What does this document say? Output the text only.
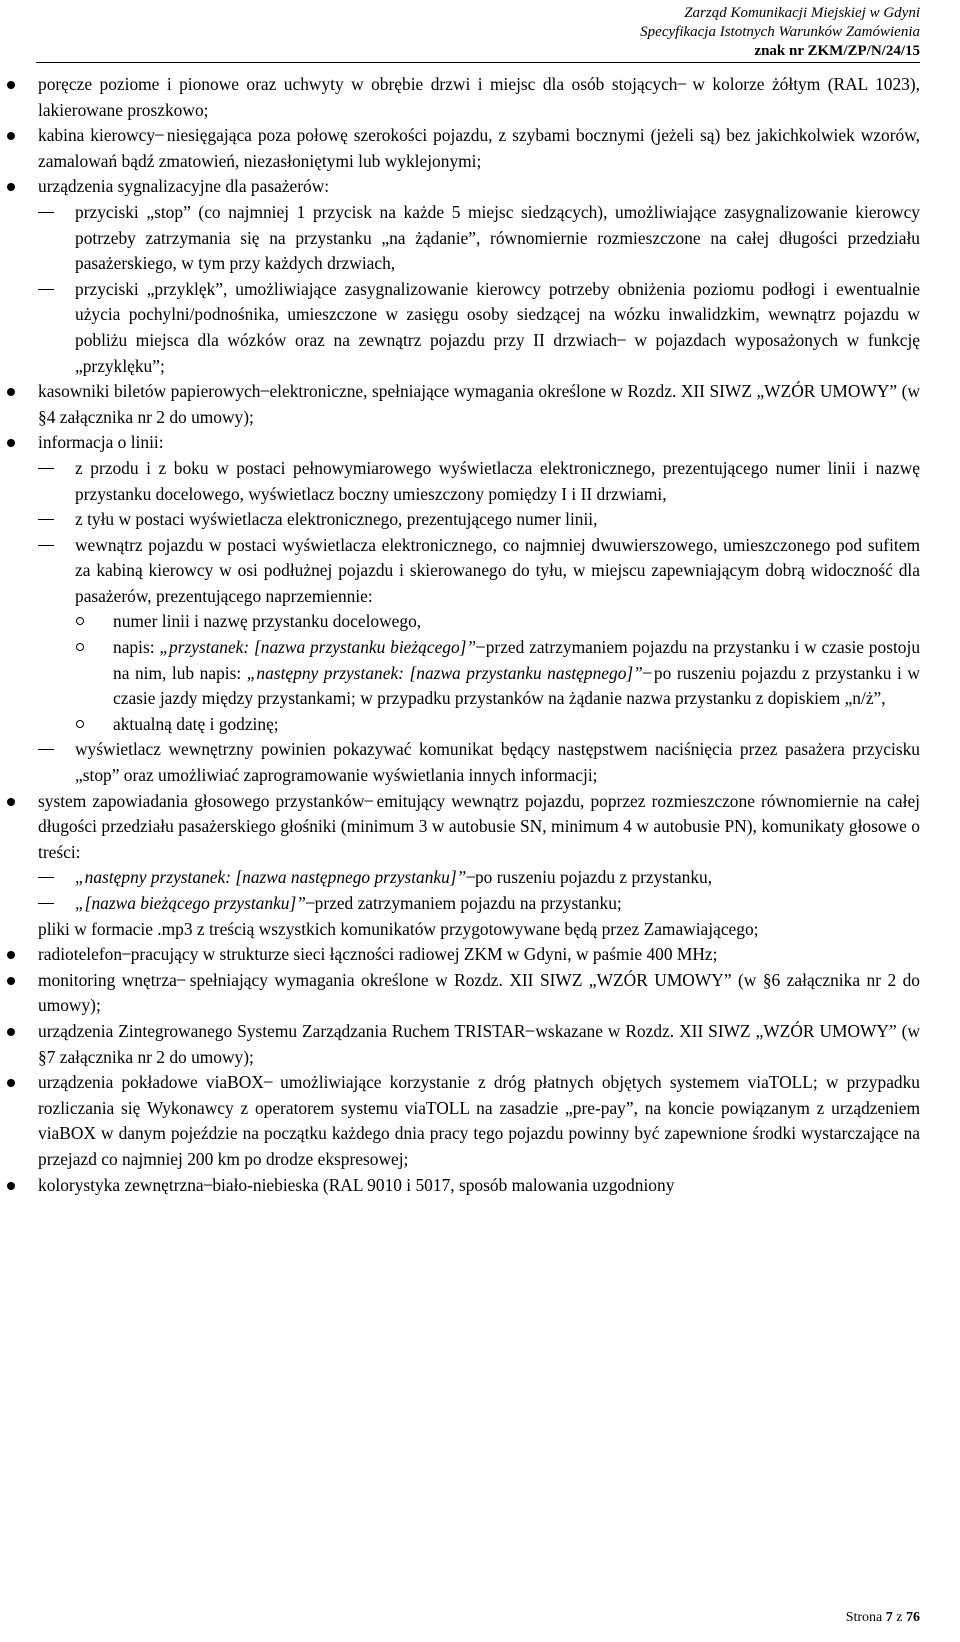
Zarząd Komunikacji Miejskiej w Gdyni
Specyfikacja Istotnych Warunków Zamówienia
znak nr ZKM/ZP/N/24/15
poręcze poziome i pionowe oraz uchwyty w obrębie drzwi i miejsc dla osób stojących ̶ w kolorze żółtym (RAL 1023), lakierowane proszkowo;
kabina kierowcy ̶ niesięgająca poza połowę szerokości pojazdu, z szybami bocznymi (jeżeli są) bez jakichkolwiek wzorów, zamalowań bądź zmatowień, niezasłoniętymi lub wyklejonymi;
urządzenia sygnalizacyjne dla pasażerów:
przyciski „stop” (co najmniej 1 przycisk na każde 5 miejsc siedzących), umożliwiające zasygnalizowanie kierowcy potrzeby zatrzymania się na przystanku „na żądanie”, równomiernie rozmieszczone na całej długości przedziału pasażerskiego, w tym przy każdych drzwiach,
przyciski „przyklęk”, umożliwiające zasygnalizowanie kierowcy potrzeby obniżenia poziomu podłogi i ewentualnie użycia pochylni/podnośnika, umieszczone w zasięgu osoby siedzącej na wózku inwalidzkim, wewnątrz pojazdu w pobliżu miejsca dla wózków oraz na zewnątrz pojazdu przy II drzwiach ̶ w pojazdach wyposażonych w funkcję „przyklęku”;
kasowniki biletów papierowych ̶ elektroniczne, spełniające wymagania określone w Rozdz. XII SIWZ „WZÓR UMOWY” (w §4 załącznika nr 2 do umowy);
informacja o linii:
z przodu i z boku w postaci pełnowymiarowego wyświetlacza elektronicznego, prezentującego numer linii i nazwę przystanku docelowego, wyświetlacz boczny umieszczony pomiędzy I i II drzwiami,
z tyłu w postaci wyświetlacza elektronicznego, prezentującego numer linii,
wewnątrz pojazdu w postaci wyświetlacza elektronicznego, co najmniej dwuwierszowego, umieszczonego pod sufitem za kabiną kierowcy w osi podłużnej pojazdu i skierowanego do tyłu, w miejscu zapewniającym dobrą widoczność dla pasażerów, prezentującego naprzemiennie:
numer linii i nazwę przystanku docelowego,
napis: „przystanek: [nazwa przystanku bieżącego]” ̶ przed zatrzymaniem pojazdu na przystanku i w czasie postoju na nim, lub napis: „następny przystanek: [nazwa przystanku następnego]” ̶ po ruszeniu pojazdu z przystanku i w czasie jazdy między przystankami; w przypadku przystanków na żądanie nazwa przystanku z dopiskiem „n/ż”,
aktualną datę i godzinę;
wyświetlacz wewnętrzny powinien pokazywać komunikat będący następstwem naciśnięcia przez pasażera przycisku „stop” oraz umożliwiać zaprogramowanie wyświetlania innych informacji;
system zapowiadania głosowego przystanków ̶ emitujący wewnątrz pojazdu, poprzez rozmieszczone równomiernie na całej długości przedziału pasażerskiego głośniki (minimum 3 w autobusie SN, minimum 4 w autobusie PN), komunikaty głosowe o treści:
„następny przystanek: [nazwa następnego przystanku]” ̶ po ruszeniu pojazdu z przystanku,
„[nazwa bieżącego przystanku]” ̶ przed zatrzymaniem pojazdu na przystanku;
pliki w formacie .mp3 z treścią wszystkich komunikatów przygotowywane będą przez Zamawiającego;
radiotelefon ̶ pracujący w strukturze sieci łączności radiowej ZKM w Gdyni, w paśmie 400 MHz;
monitoring wnętrza ̶ spełniający wymagania określone w Rozdz. XII SIWZ „WZÓR UMOWY” (w §6 załącznika nr 2 do umowy);
urządzenia Zintegrowanego Systemu Zarządzania Ruchem TRISTAR ̶ wskazane w Rozdz. XII SIWZ „WZÓR UMOWY” (w §7 załącznika nr 2 do umowy);
urządzenia pokładowe viaBOX ̶ umożliwiające korzystanie z dróg płatnych objętych systemem viaTOLL; w przypadku rozliczania się Wykonawcy z operatorem systemu viaTOLL na zasadzie „pre-pay”, na koncie powiązanym z urządzeniem viaBOX w danym pojeździe na początku każdego dnia pracy tego pojazdu powinny być zapewnione środki wystarczające na przejazd co najmniej 200 km po drodze ekspresowej;
kolorystyka zewnętrzna ̶ biało-niebieska (RAL 9010 i 5017, sposób malowania uzgodniony
Strona 7 z 76
